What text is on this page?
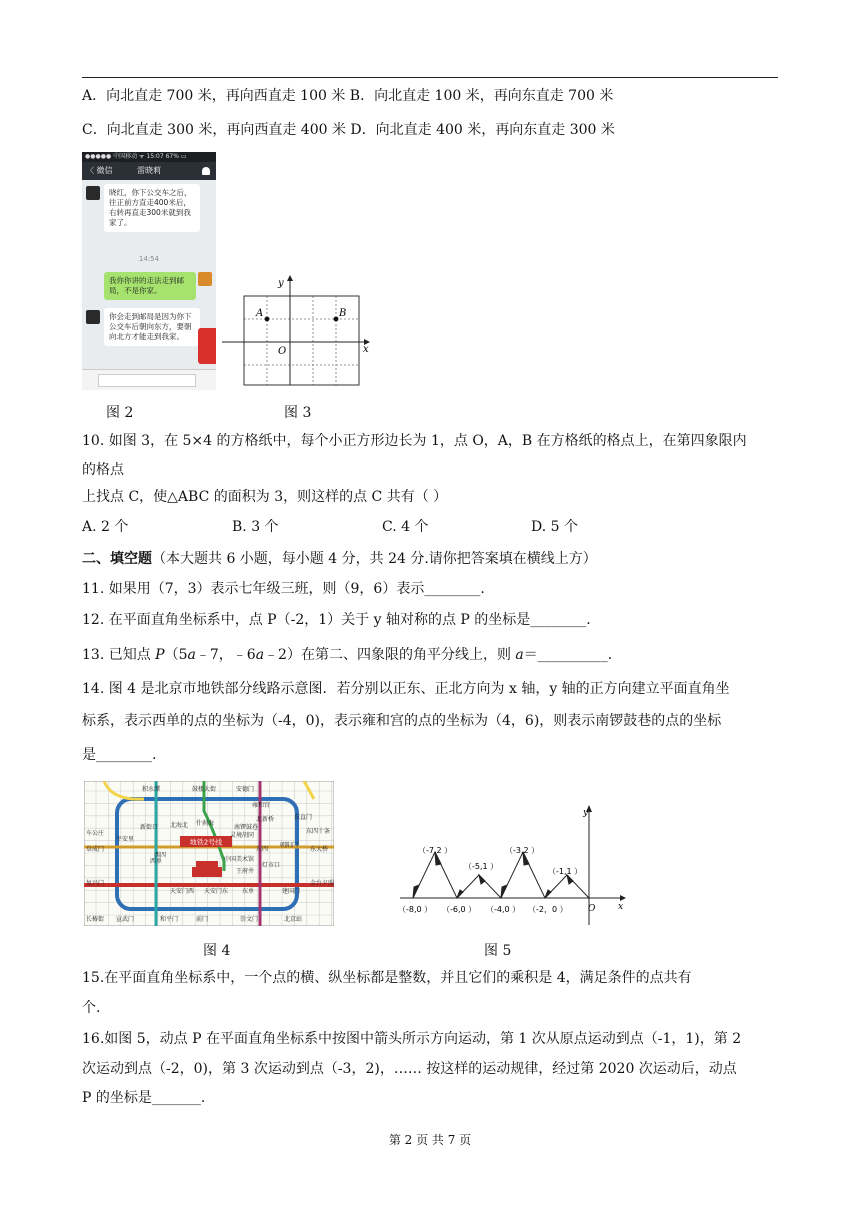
A．向北直走 700 米，再向西直走 100 米 B．向北直走 100 米，再向东直走 700 米
C．向北直走 300 米，再向西直走 400 米 D．向北直走 400 米，再向东直走 300 米
●●●●● 中国移动 ᯤ 15:07 67% ▭
〈 微信	雷晓莉
晓红，你下公交车之后，往正前方直走400米后，右转再直走300米就到我家了。
14:54
我你你讲的走法走到邮局，不是你家。
你会走到邮局是因为你下公交车后朝向东方，要朝向北方才能走到我家。
y
x
O
A	B
图 2	图 3
10. 如图 3，在 5×4 的方格纸中，每个小正方形边长为 1，点 O，A，B 在方格纸的格点上，在第四象限内
的格点
上找点 C，使△ABC 的面积为 3，则这样的点 C 共有（ ）
A. 2 个	B. 3 个	C. 4 个	D. 5 个
二、填空题（本大题共 6 小题，每小题 4 分，共 24 分.请你把答案填在横线上方）
11. 如果用（7，3）表示七年级三班，则（9，6）表示________.
12. 在平面直角坐标系中，点 P（-2，1）关于 y 轴对称的点 P 的坐标是________.
13. 已知点 P（5a﹣7，﹣6a﹣2）在第二、四象限的角平分线上，则 a＝__________.
14. 图 4 是北京市地铁部分线路示意图．若分别以正东、正北方向为 x 轴，y 轴的正方向建立平面直角坐
标系，表示西单的点的坐标为（-4，0)，表示雍和宫的点的坐标为（4，6)，则表示南锣鼓巷的点的坐标
是________.
地铁2号线
积水潭	鼓楼大街	安德门
雍和宫
东直门
北新桥
东四十条
车公庄
新街口 北海北	南锣鼓巷
阜成门
平安里
什刹海
东四
朝阳门
东大桥
灵境胡同
西单	中国美术馆
王府井
天安门西 天安门东 东单	建国门
长椿街 宣武门	和平门	前门	崇文门	北京站
复兴门
西四
灯市口
金台夕照
y
x
O
（-7,2 ）
（-5,1 ）
（-3,2 ）
（-1,1 ）
（-8,0 ） （-6,0 ） （-4,0 ） （-2，0 ）
图 4	图 5
15.在平面直角坐标系中，一个点的横、纵坐标都是整数，并且它们的乘积是 4，满足条件的点共有
个.
16.如图 5，动点 P 在平面直角坐标系中按图中箭头所示方向运动，第 1 次从原点运动到点（-1，1)，第 2
次运动到点（-2，0)，第 3 次运动到点（-3，2)，…… 按这样的运动规律，经过第 2020 次运动后，动点
P 的坐标是_______.
第 2 页 共 7 页
